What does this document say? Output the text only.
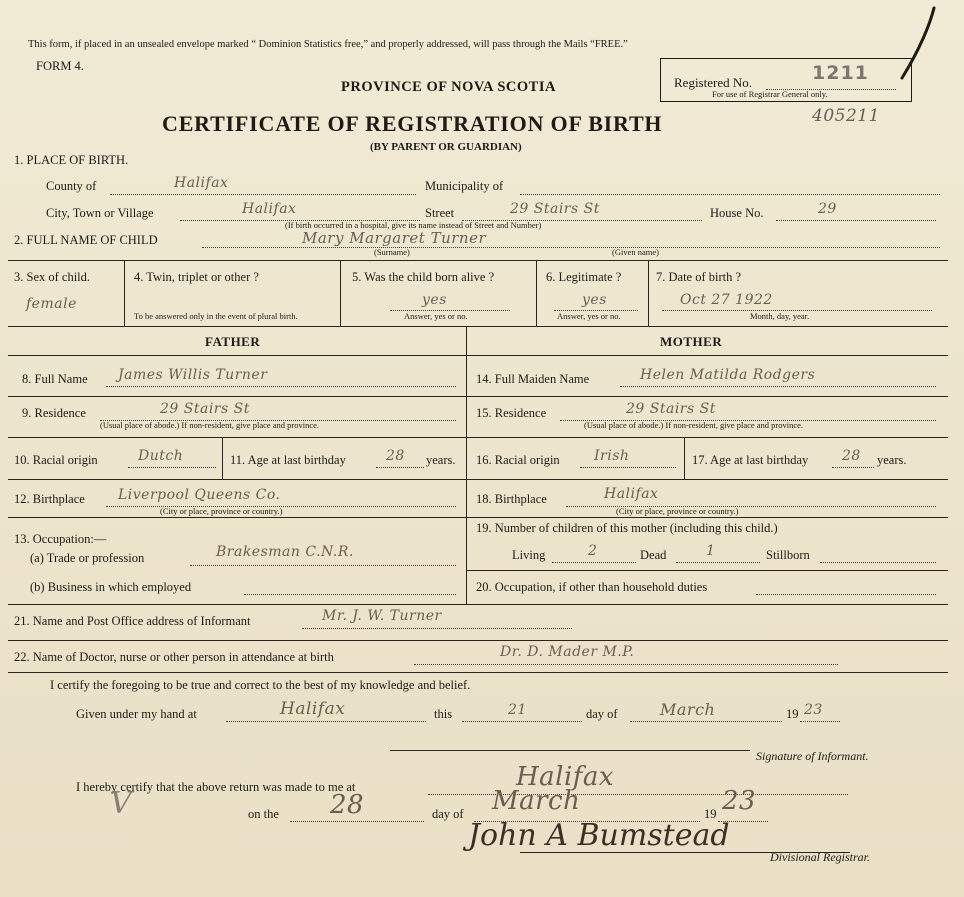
This form, if placed in an unsealed envelope marked “ Dominion Statistics free,” and properly addressed, will pass through the Mails “FREE.”
FORM 4.
PROVINCE OF NOVA SCOTIA	Registered No.	1211
For use of Registrar General only.
CERTIFICATE OF REGISTRATION OF BIRTH
(BY PARENT OR GUARDIAN)
405211
1. PLACE OF BIRTH.
County of	Halifax	Municipality of
City, Town or Village	Halifax	Street	29 Stairs St	House No.	29
(If birth occurred in a hospital, give its name instead of Street and Number)
2. FULL NAME OF CHILD	Mary Margaret Turner
(Surname)	(Given name)
3. Sex of child.
female
4. Twin, triplet or other ?
To be answered only in the event of plural birth.
5. Was the child born alive ?
yes
Answer, yes or no.
6. Legitimate ?
yes
Answer, yes or no.
7. Date of birth ?
Oct 27 1922
Month, day, year.
FATHER	MOTHER
8. Full Name James Willis Turner	14. Full Maiden Name	Helen Matilda Rodgers
9. Residence	29 Stairs St
(Usual place of abode.) If non-resident, give place and province.
15. Residence	29 Stairs St
(Usual place of abode.) If non-resident, give place and province.
10. Racial origin	Dutch	11. Age at last birthday	28 years. 16. Racial origin Irish	17. Age at last birthday 28 years.
12. Birthplace Liverpool Queens Co.
(City or place, province or country.)
18. Birthplace	Halifax
(City or place, province or country.)
13. Occupation:—
(a) Trade or profession	Brakesman C.N.R.
(b) Business in which employed
19. Number of children of this mother (including this child.)
Living	2	Dead	1	Stillborn
20. Occupation, if other than household duties
21. Name and Post Office address of Informant	Mr. J. W. Turner
22. Name of Doctor, nurse or other person in attendance at birth	Dr. D. Mader M.P.
I certify the foregoing to be true and correct to the best of my knowledge and belief.
Given under my hand at	Halifax	this	21	day of	March	19 23
Signature of Informant.
I hereby certify that the above return was made to me at	Halifax
V	on the 28	day of March	19 23
John A Bumstead
Divisional Registrar.
